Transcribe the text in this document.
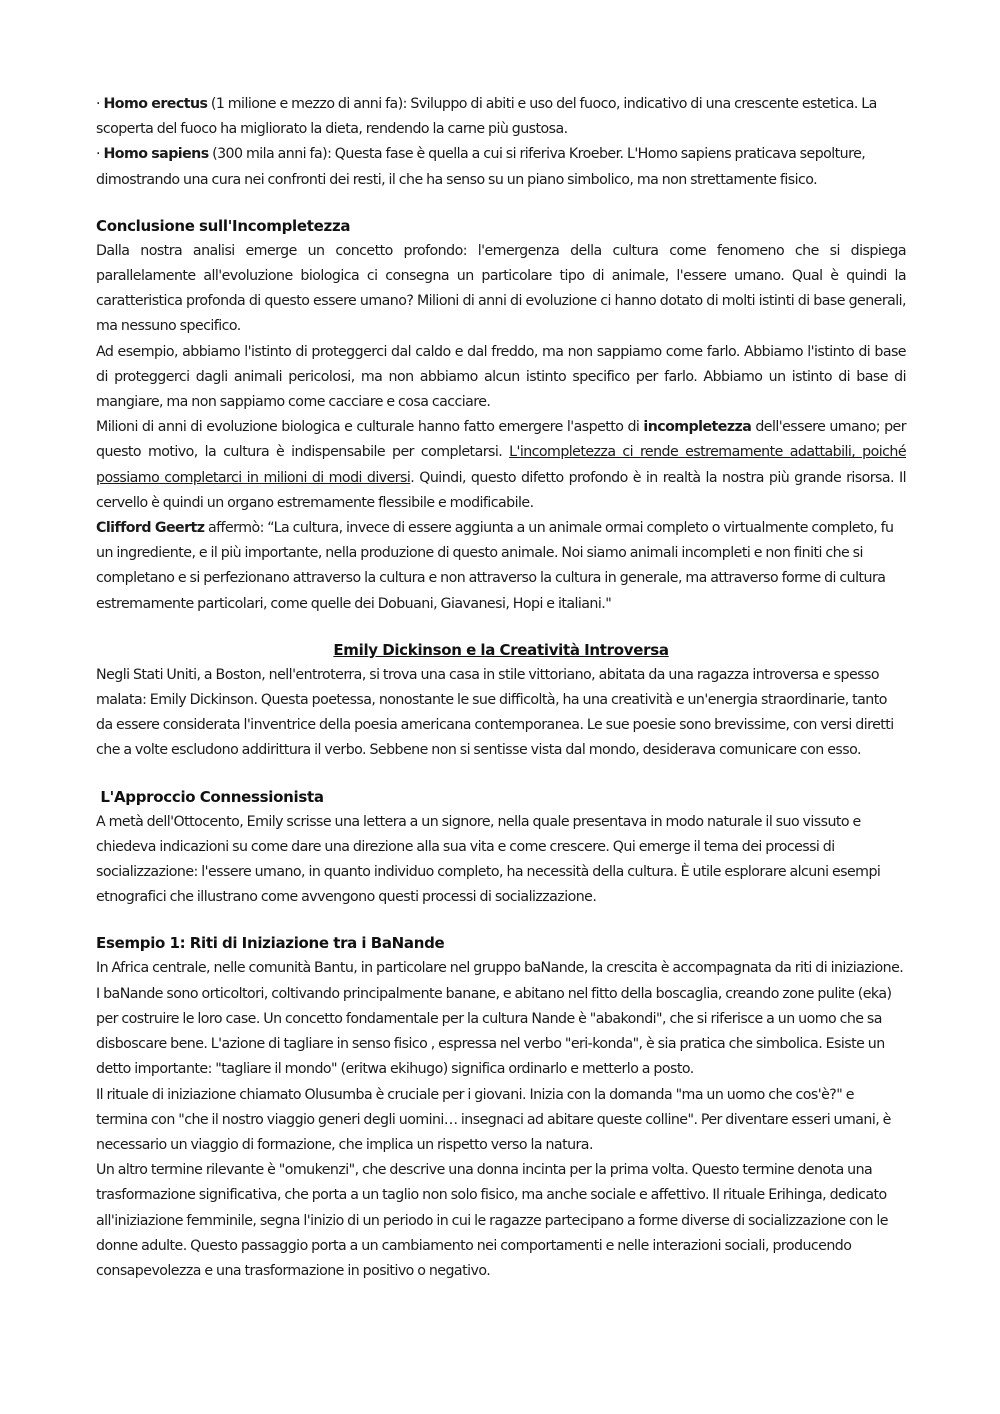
· Homo erectus (1 milione e mezzo di anni fa): Sviluppo di abiti e uso del fuoco, indicativo di una crescente estetica. La scoperta del fuoco ha migliorato la dieta, rendendo la carne più gustosa.

· Homo sapiens (300 mila anni fa): Questa fase è quella a cui si riferiva Kroeber. L'Homo sapiens praticava sepolture, dimostrando una cura nei confronti dei resti, il che ha senso su un piano simbolico, ma non strettamente fisico.

Conclusione sull'Incompletezza

Dalla nostra analisi emerge un concetto profondo: l'emergenza della cultura come fenomeno che si dispiega parallelamente all'evoluzione biologica ci consegna un particolare tipo di animale, l'essere umano. Qual è quindi la caratteristica profonda di questo essere umano? Milioni di anni di evoluzione ci hanno dotato di molti istinti di base generali, ma nessuno specifico.

Ad esempio, abbiamo l'istinto di proteggerci dal caldo e dal freddo, ma non sappiamo come farlo. Abbiamo l'istinto di base di proteggerci dagli animali pericolosi, ma non abbiamo alcun istinto specifico per farlo. Abbiamo un istinto di base di mangiare, ma non sappiamo come cacciare e cosa cacciare.

Milioni di anni di evoluzione biologica e culturale hanno fatto emergere l'aspetto di incompletezza dell'essere umano; per questo motivo, la cultura è indispensabile per completarsi. L'incompletezza ci rende estremamente adattabili, poiché possiamo completarci in milioni di modi diversi. Quindi, questo difetto profondo è in realtà la nostra più grande risorsa. Il cervello è quindi un organo estremamente flessibile e modificabile.

Clifford Geertz affermò: “La cultura, invece di essere aggiunta a un animale ormai completo o virtualmente completo, fu un ingrediente, e il più importante, nella produzione di questo animale. Noi siamo animali incompleti e non finiti che si completano e si perfezionano attraverso la cultura e non attraverso la cultura in generale, ma attraverso forme di cultura estremamente particolari, come quelle dei Dobuani, Giavanesi, Hopi e italiani."

Emily Dickinson e la Creatività Introversa

Negli Stati Uniti, a Boston, nell'entroterra, si trova una casa in stile vittoriano, abitata da una ragazza introversa e spesso malata: Emily Dickinson. Questa poetessa, nonostante le sue difficoltà, ha una creatività e un'energia straordinarie, tanto da essere considerata l'inventrice della poesia americana contemporanea. Le sue poesie sono brevissime, con versi diretti che a volte escludono addirittura il verbo. Sebbene non si sentisse vista dal mondo, desiderava comunicare con esso.

L'Approccio Connessionista

A metà dell'Ottocento, Emily scrisse una lettera a un signore, nella quale presentava in modo naturale il suo vissuto e chiedeva indicazioni su come dare una direzione alla sua vita e come crescere. Qui emerge il tema dei processi di socializzazione: l'essere umano, in quanto individuo completo, ha necessità della cultura. È utile esplorare alcuni esempi etnografici che illustrano come avvengono questi processi di socializzazione.

Esempio 1: Riti di Iniziazione tra i BaNande

In Africa centrale, nelle comunità Bantu, in particolare nel gruppo baNande, la crescita è accompagnata da riti di iniziazione. I baNande sono orticoltori, coltivando principalmente banane, e abitano nel fitto della boscaglia, creando zone pulite (eka) per costruire le loro case. Un concetto fondamentale per la cultura Nande è "abakondi", che si riferisce a un uomo che sa disboscare bene. L'azione di tagliare in senso fisico , espressa nel verbo "eri-konda", è sia pratica che simbolica. Esiste un detto importante: "tagliare il mondo" (eritwa ekihugo) significa ordinarlo e metterlo a posto.

Il rituale di iniziazione chiamato Olusumba è cruciale per i giovani. Inizia con la domanda "ma un uomo che cos'è?" e termina con "che il nostro viaggio generi degli uomini… insegnaci ad abitare queste colline". Per diventare esseri umani, è necessario un viaggio di formazione, che implica un rispetto verso la natura.

Un altro termine rilevante è "omukenzi", che descrive una donna incinta per la prima volta. Questo termine denota una trasformazione significativa, che porta a un taglio non solo fisico, ma anche sociale e affettivo. Il rituale Erihinga, dedicato all'iniziazione femminile, segna l'inizio di un periodo in cui le ragazze partecipano a forme diverse di socializzazione con le donne adulte. Questo passaggio porta a un cambiamento nei comportamenti e nelle interazioni sociali, producendo consapevolezza e una trasformazione in positivo o negativo.
